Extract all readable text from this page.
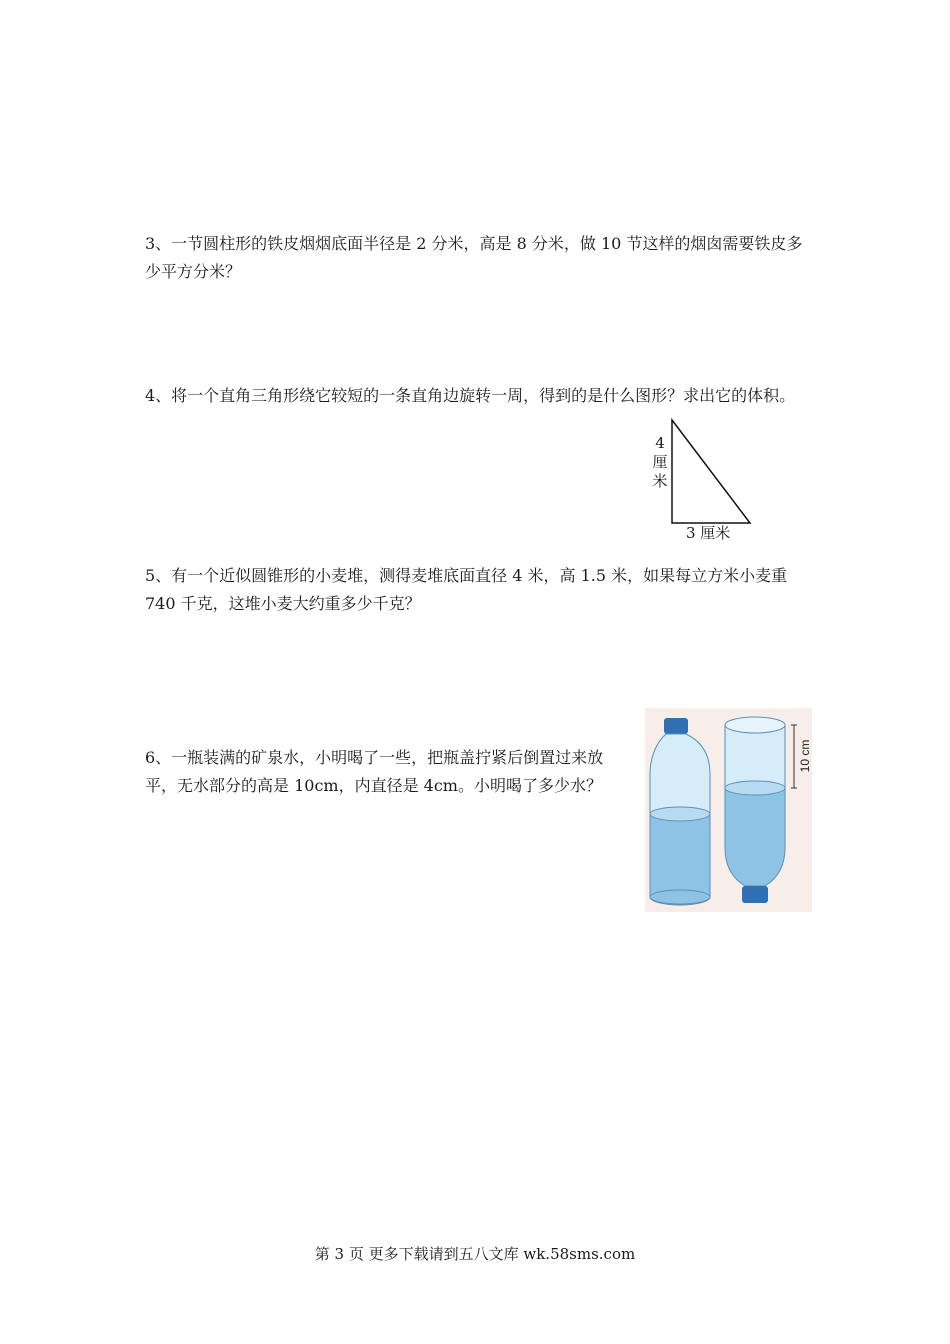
3、一节圆柱形的铁皮烟烟底面半径是 2 分米，高是 8 分米，做 10 节这样的烟囱需要铁皮多少平方分米？

4、将一个直角三角形绕它较短的一条直角边旋转一周，得到的是什么图形？求出它的体积。

4
厘
米
3 厘米

5、有一个近似圆锥形的小麦堆，测得麦堆底面直径 4 米，高 1.5 米，如果每立方米小麦重 740 千克，这堆小麦大约重多少千克？

6、一瓶装满的矿泉水，小明喝了一些，把瓶盖拧紧后倒置过来放平，无水部分的高是 10cm，内直径是 4cm。小明喝了多少水？

10 cm
第 3 页 更多下载请到五八文库 wk.58sms.com
